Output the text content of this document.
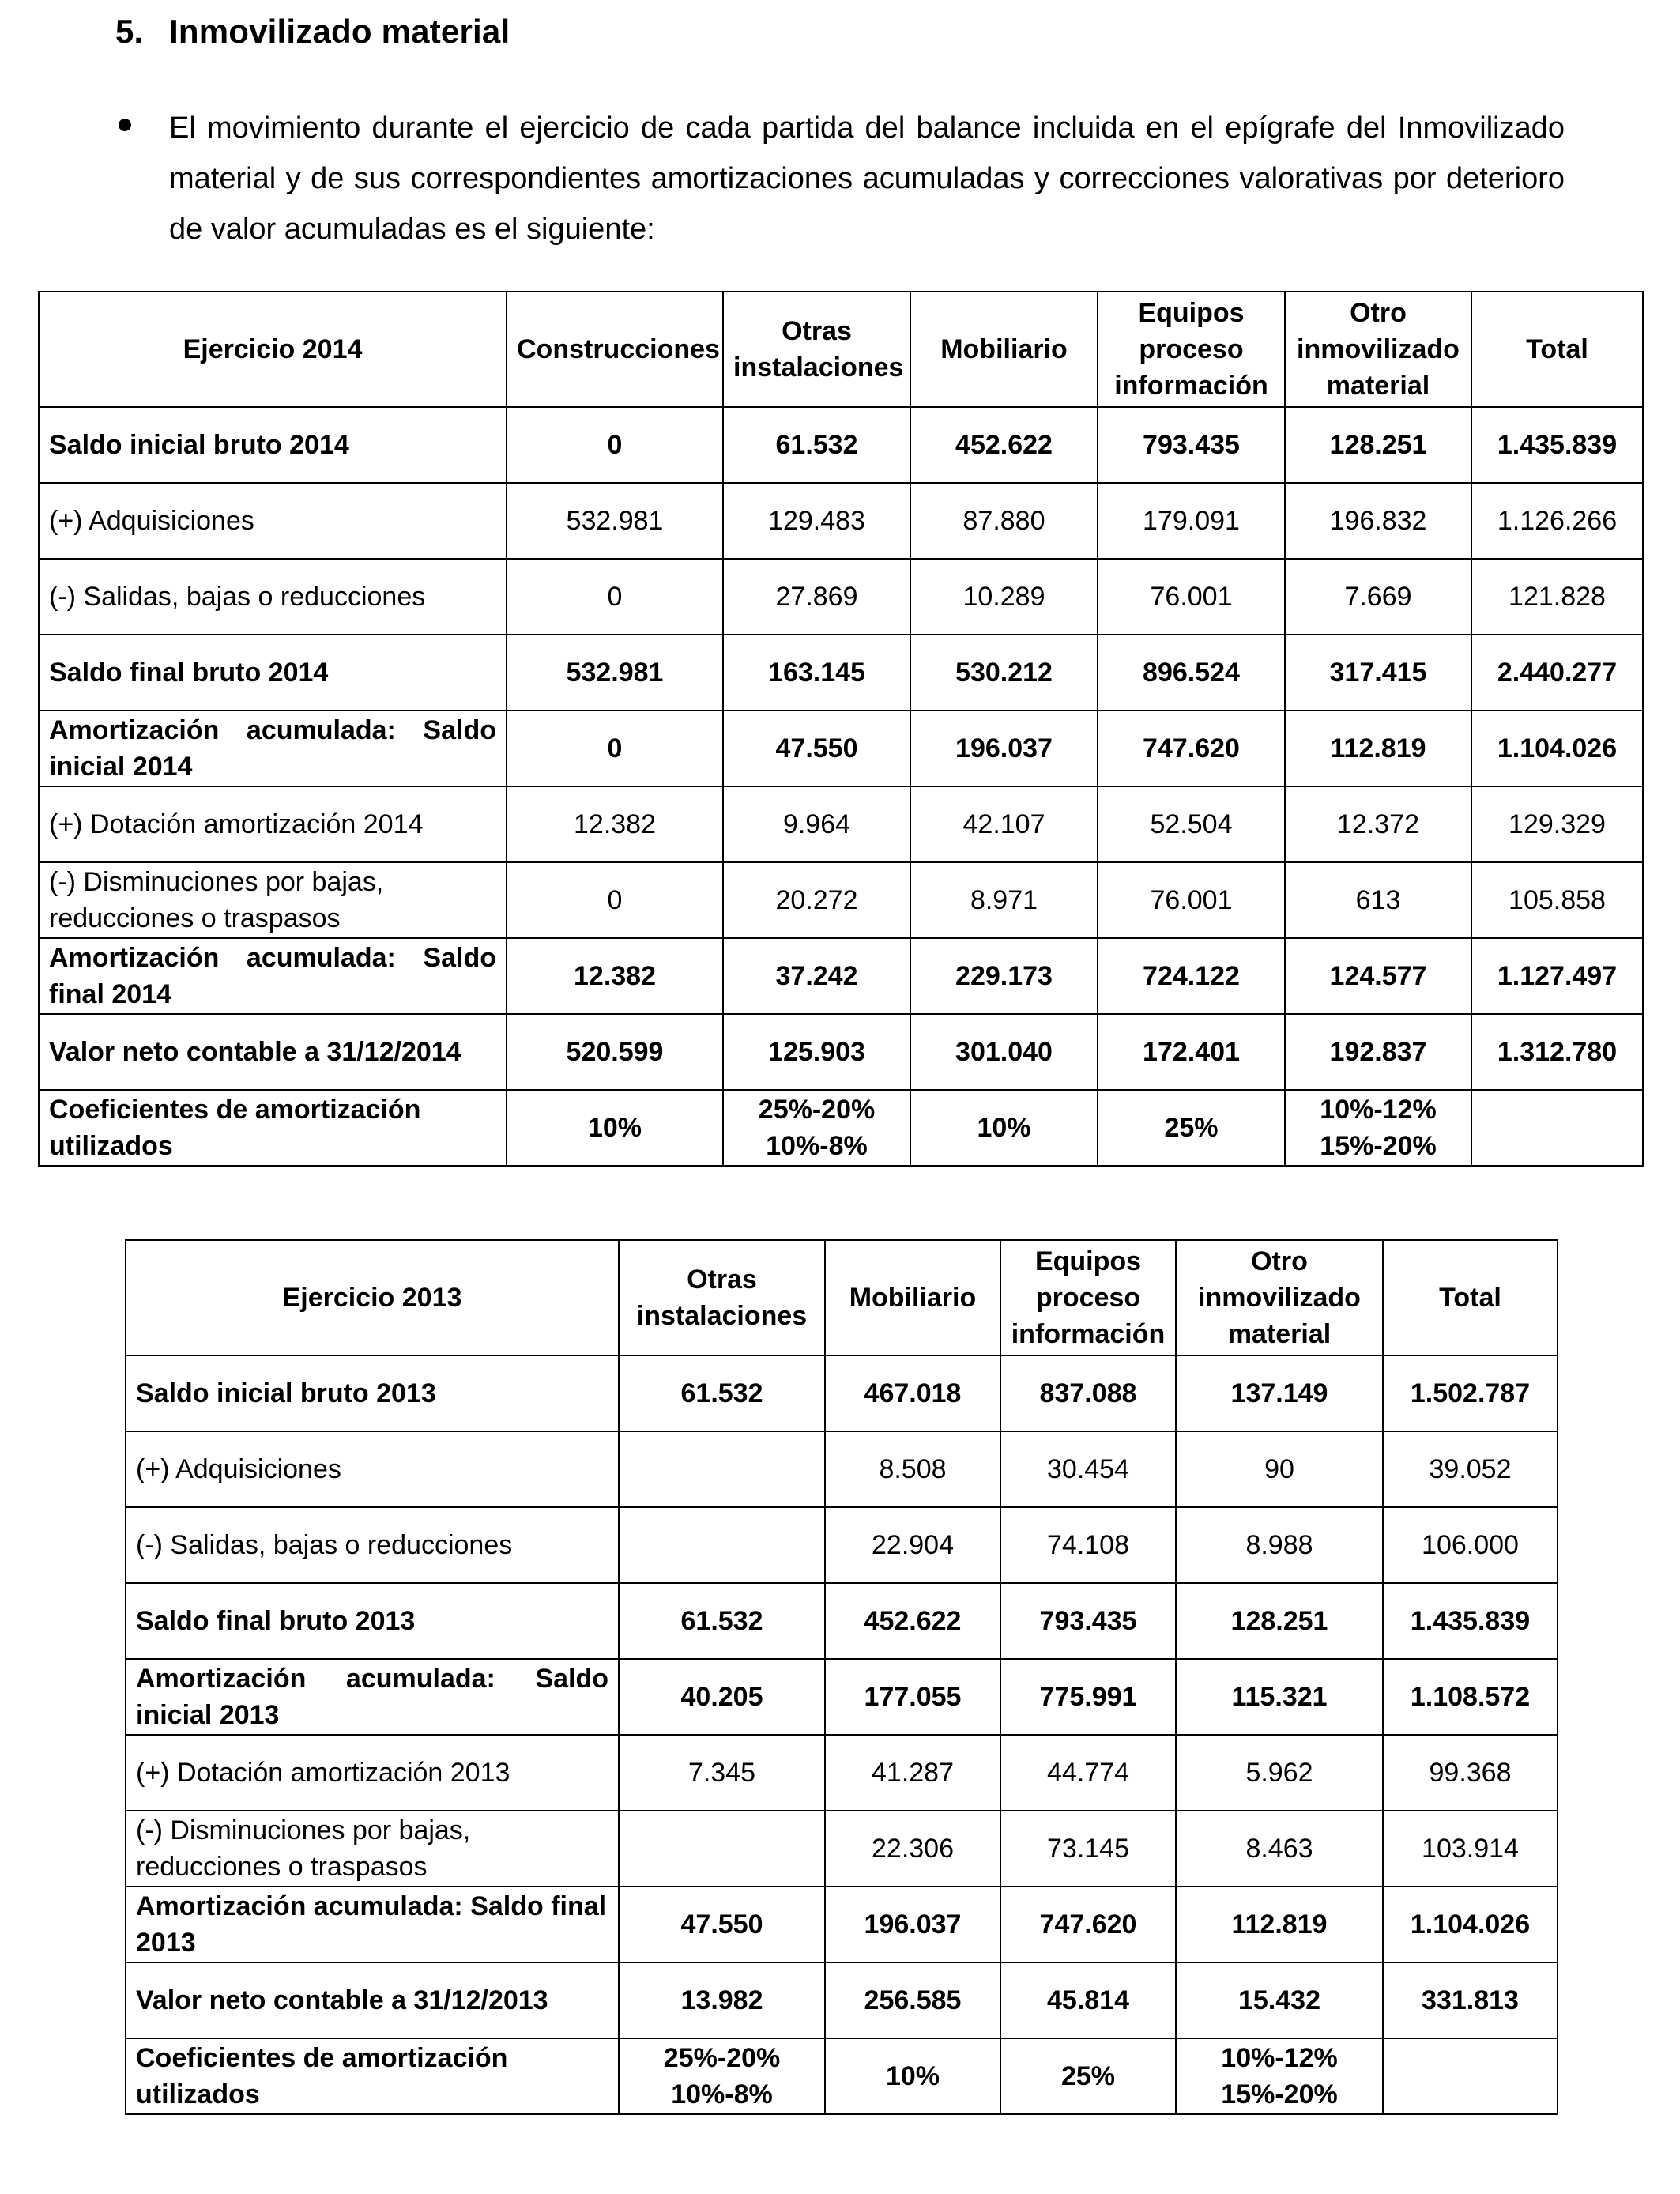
5. Inmovilizado material
El movimiento durante el ejercicio de cada partida del balance incluida en el epígrafe del Inmovilizado material y de sus correspondientes amortizaciones acumuladas y correcciones valorativas por deterioro de valor acumuladas es el siguiente:
Ejercicio 2014	Construcciones	Otras instalaciones	Mobiliario	Equipos proceso información	Otro inmovilizado material	Total
Saldo inicial bruto 2014	0	61.532	452.622	793.435	128.251	1.435.839
(+) Adquisiciones	532.981	129.483	87.880	179.091	196.832	1.126.266
(-) Salidas, bajas o reducciones	0	27.869	10.289	76.001	7.669	121.828
Saldo final bruto 2014	532.981	163.145	530.212	896.524	317.415	2.440.277
Amortización acumulada: Saldo inicial 2014	0	47.550	196.037	747.620	112.819	1.104.026
(+) Dotación amortización 2014	12.382	9.964	42.107	52.504	12.372	129.329
(-) Disminuciones por bajas, reducciones o traspasos	0	20.272	8.971	76.001	613	105.858
Amortización acumulada: Saldo final 2014	12.382	37.242	229.173	724.122	124.577	1.127.497
Valor neto contable a 31/12/2014	520.599	125.903	301.040	172.401	192.837	1.312.780
Coeficientes de amortización utilizados	10%	25%-20% 10%-8%	10%	25%	10%-12% 15%-20%	
Ejercicio 2013	Otras instalaciones	Mobiliario	Equipos proceso información	Otro inmovilizado material	Total
Saldo inicial bruto 2013	61.532	467.018	837.088	137.149	1.502.787
(+) Adquisiciones		8.508	30.454	90	39.052
(-) Salidas, bajas o reducciones		22.904	74.108	8.988	106.000
Saldo final bruto 2013	61.532	452.622	793.435	128.251	1.435.839
Amortización acumulada: Saldo inicial 2013	40.205	177.055	775.991	115.321	1.108.572
(+) Dotación amortización 2013	7.345	41.287	44.774	5.962	99.368
(-) Disminuciones por bajas, reducciones o traspasos		22.306	73.145	8.463	103.914
Amortización acumulada: Saldo final 2013	47.550	196.037	747.620	112.819	1.104.026
Valor neto contable a 31/12/2013	13.982	256.585	45.814	15.432	331.813
Coeficientes de amortización utilizados	25%-20% 10%-8%	10%	25%	10%-12% 15%-20%	
